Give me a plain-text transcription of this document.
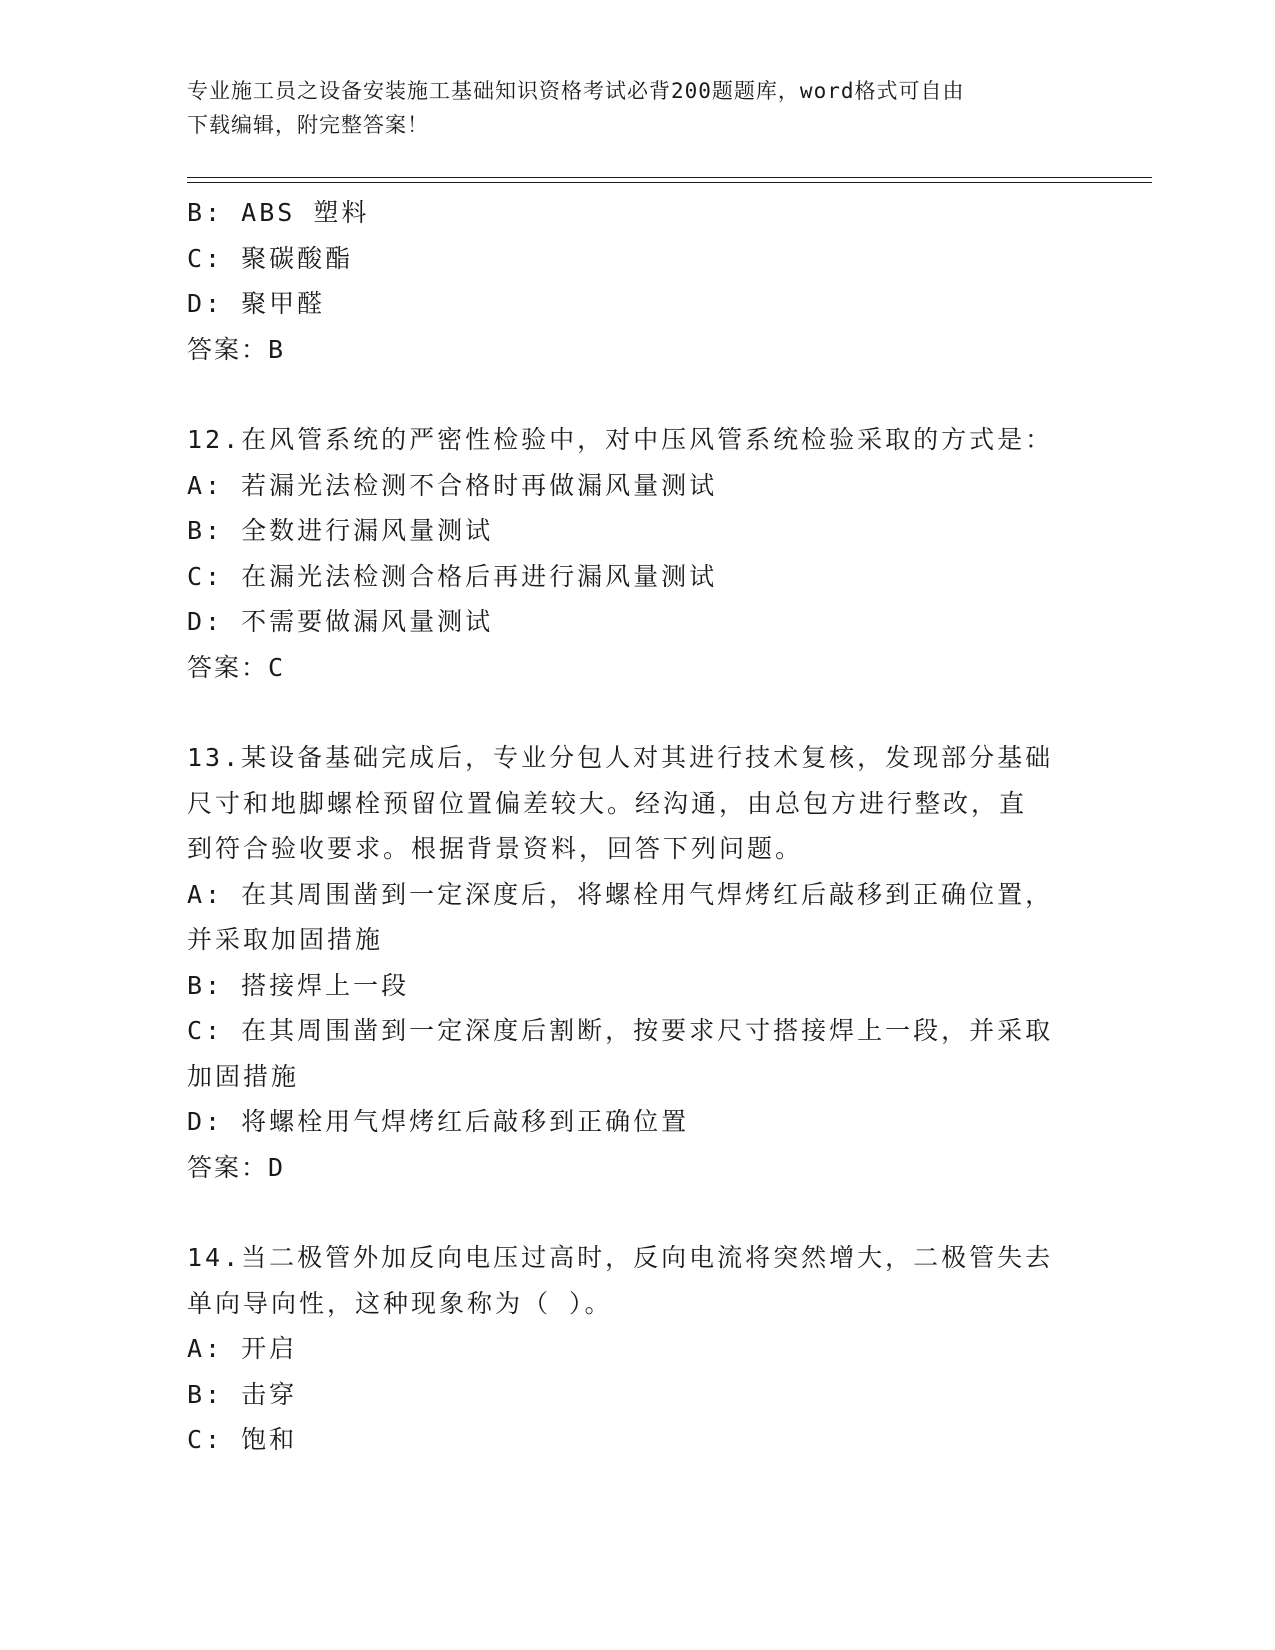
专业施工员之设备安装施工基础知识资格考试必背200题题库，word格式可自由
下载编辑，附完整答案！
B: ABS 塑料
C: 聚碳酸酯
D: 聚甲醛
答案：B
12.在风管系统的严密性检验中，对中压风管系统检验采取的方式是：
A: 若漏光法检测不合格时再做漏风量测试
B: 全数进行漏风量测试
C: 在漏光法检测合格后再进行漏风量测试
D: 不需要做漏风量测试
答案：C
13.某设备基础完成后，专业分包人对其进行技术复核，发现部分基础
尺寸和地脚螺栓预留位置偏差较大。经沟通，由总包方进行整改，直
到符合验收要求。根据背景资料，回答下列问题。
A: 在其周围凿到一定深度后，将螺栓用气焊烤红后敲移到正确位置，
并采取加固措施
B: 搭接焊上一段
C: 在其周围凿到一定深度后割断，按要求尺寸搭接焊上一段，并采取
加固措施
D: 将螺栓用气焊烤红后敲移到正确位置
答案：D
14.当二极管外加反向电压过高时，反向电流将突然增大，二极管失去
单向导向性，这种现象称为（ ）。
A: 开启
B: 击穿
C: 饱和
